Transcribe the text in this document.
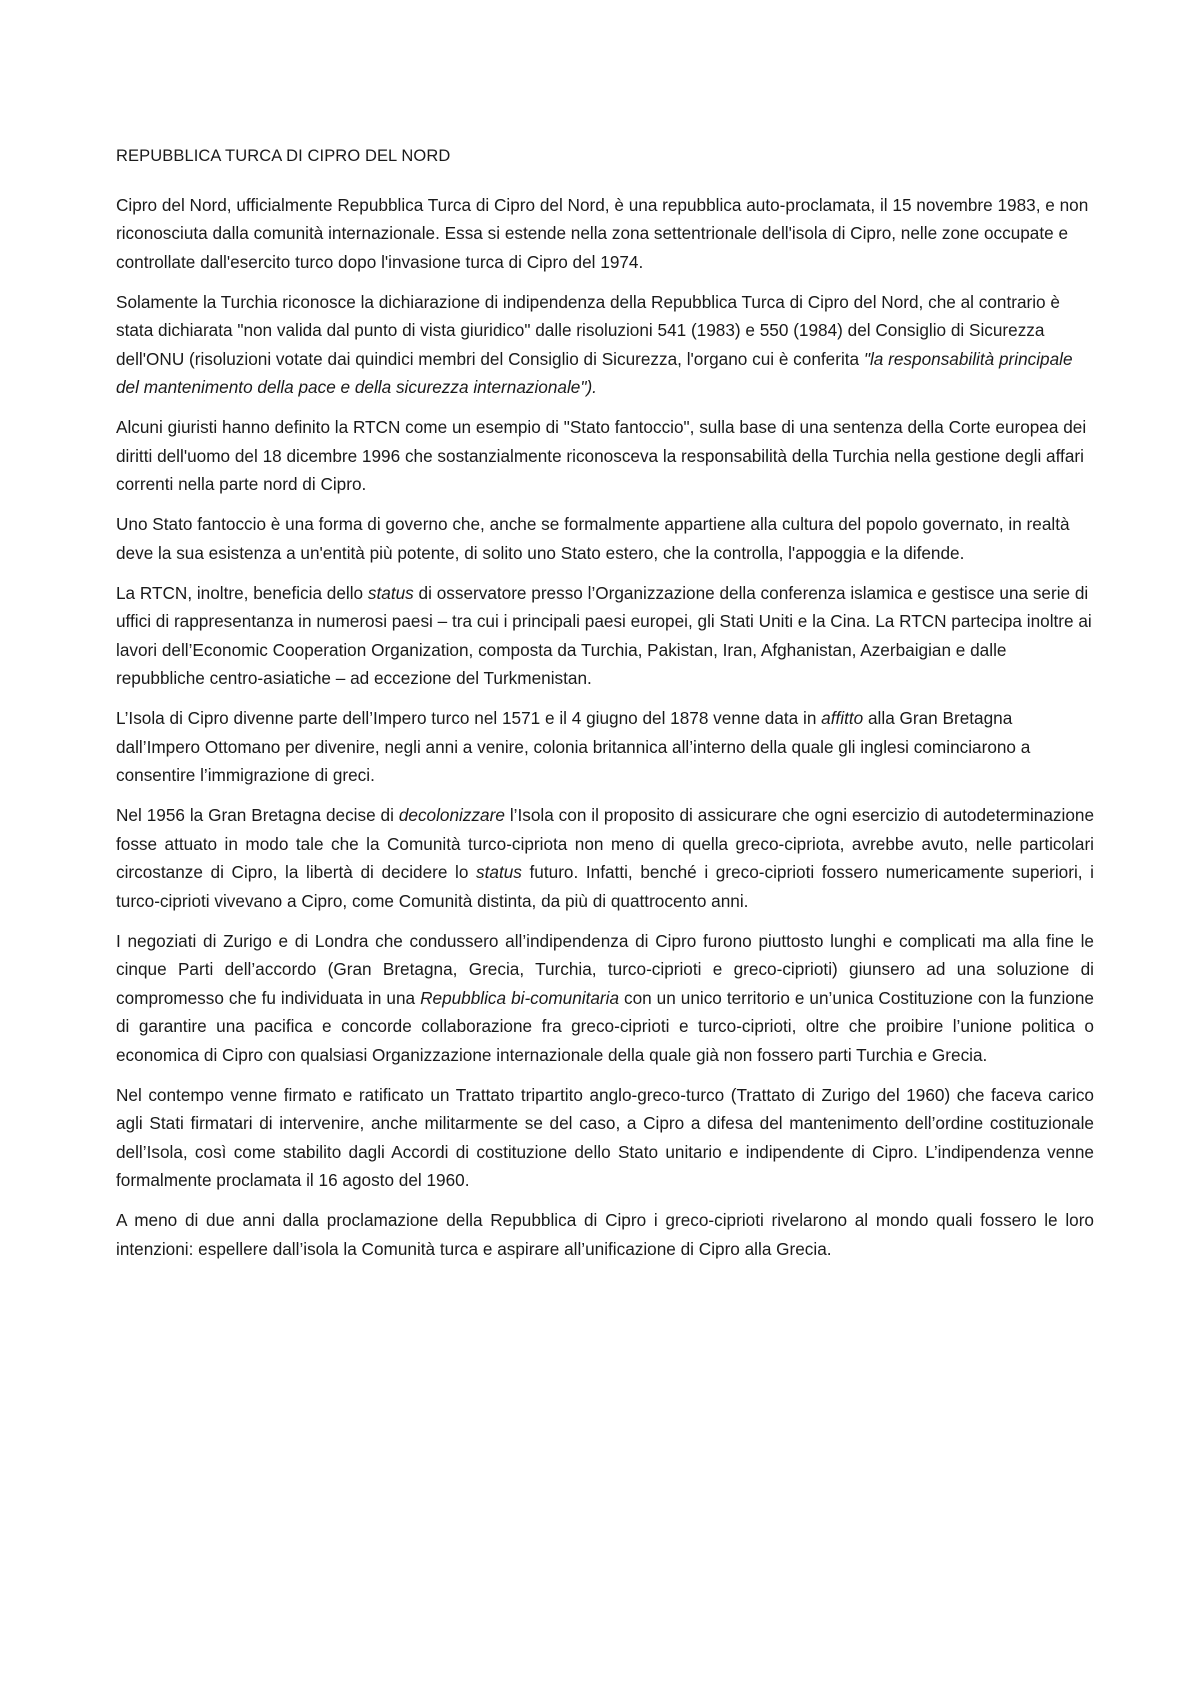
REPUBBLICA TURCA DI CIPRO DEL NORD

Cipro del Nord, ufficialmente Repubblica Turca di Cipro del Nord, è una repubblica auto-proclamata, il 15 novembre 1983, e non riconosciuta dalla comunità internazionale. Essa si estende nella zona settentrionale dell'isola di Cipro, nelle zone occupate e controllate dall'esercito turco dopo l'invasione turca di Cipro del 1974.

Solamente la Turchia riconosce la dichiarazione di indipendenza della Repubblica Turca di Cipro del Nord, che al contrario è stata dichiarata "non valida dal punto di vista giuridico" dalle risoluzioni 541 (1983) e 550 (1984) del Consiglio di Sicurezza dell'ONU (risoluzioni votate dai quindici membri del Consiglio di Sicurezza, l'organo cui è conferita "la responsabilità principale del mantenimento della pace e della sicurezza internazionale").

Alcuni giuristi hanno definito la RTCN come un esempio di "Stato fantoccio", sulla base di una sentenza della Corte europea dei diritti dell'uomo del 18 dicembre 1996 che sostanzialmente riconosceva la responsabilità della Turchia nella gestione degli affari correnti nella parte nord di Cipro.

Uno Stato fantoccio è una forma di governo che, anche se formalmente appartiene alla cultura del popolo governato, in realtà deve la sua esistenza a un'entità più potente, di solito uno Stato estero, che la controlla, l'appoggia e la difende.

La RTCN, inoltre, beneficia dello status di osservatore presso l’Organizzazione della conferenza islamica e gestisce una serie di uffici di rappresentanza in numerosi paesi – tra cui i principali paesi europei, gli Stati Uniti e la Cina. La RTCN partecipa inoltre ai lavori dell’Economic Cooperation Organization, composta da Turchia, Pakistan, Iran, Afghanistan, Azerbaigian e dalle repubbliche centro-asiatiche – ad eccezione del Turkmenistan.

L’Isola di Cipro divenne parte dell’Impero turco nel 1571 e il 4 giugno del 1878 venne data in affitto alla Gran Bretagna dall’Impero Ottomano per divenire, negli anni a venire, colonia britannica all’interno della quale gli inglesi cominciarono a consentire l’immigrazione di greci.

Nel 1956 la Gran Bretagna decise di decolonizzare l’Isola con il proposito di assicurare che ogni esercizio di autodeterminazione fosse attuato in modo tale che la Comunità turco-cipriota non meno di quella greco-cipriota, avrebbe avuto, nelle particolari circostanze di Cipro, la libertà di decidere lo status futuro. Infatti, benché i greco-ciprioti fossero numericamente superiori, i turco-ciprioti vivevano a Cipro, come Comunità distinta, da più di quattrocento anni.

I negoziati di Zurigo e di Londra che condussero all’indipendenza di Cipro furono piuttosto lunghi e complicati ma alla fine le cinque Parti dell’accordo (Gran Bretagna, Grecia, Turchia, turco-ciprioti e greco-ciprioti) giunsero ad una soluzione di compromesso che fu individuata in una Repubblica bi-comunitaria con un unico territorio e un’unica Costituzione con la funzione di garantire una pacifica e concorde collaborazione fra greco-ciprioti e turco-ciprioti, oltre che proibire l’unione politica o economica di Cipro con qualsiasi Organizzazione internazionale della quale già non fossero parti Turchia e Grecia.

Nel contempo venne firmato e ratificato un Trattato tripartito anglo-greco-turco (Trattato di Zurigo del 1960) che faceva carico agli Stati firmatari di intervenire, anche militarmente se del caso, a Cipro a difesa del mantenimento dell’ordine costituzionale dell’Isola, così come stabilito dagli Accordi di costituzione dello Stato unitario e indipendente di Cipro. L’indipendenza venne formalmente proclamata il 16 agosto del 1960.

A meno di due anni dalla proclamazione della Repubblica di Cipro i greco-ciprioti rivelarono al mondo quali fossero le loro intenzioni: espellere dall’isola la Comunità turca e aspirare all’unificazione di Cipro alla Grecia.
